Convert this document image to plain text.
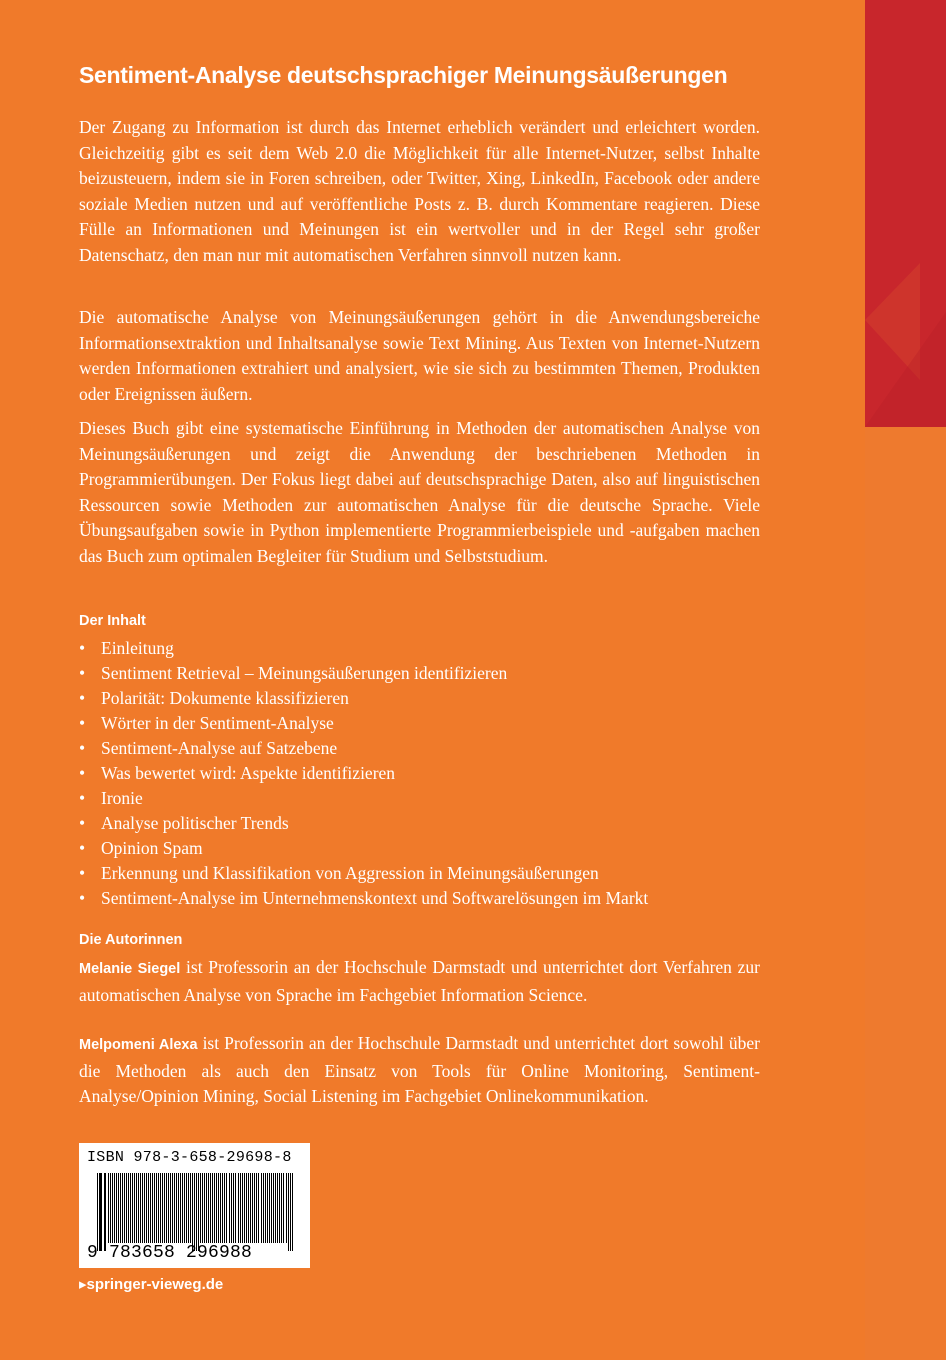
Sentiment-Analyse deutschsprachiger Meinungsäußerungen

Der Zugang zu Information ist durch das Internet erheblich verändert und erleichtert worden. Gleichzeitig gibt es seit dem Web 2.0 die Möglichkeit für alle Internet-Nutzer, selbst Inhalte beizusteuern, indem sie in Foren schreiben, oder Twitter, Xing, LinkedIn, Facebook oder andere soziale Medien nutzen und auf veröffentliche Posts z. B. durch Kommentare reagieren. Diese Fülle an Informationen und Meinungen ist ein wertvoller und in der Regel sehr großer Datenschatz, den man nur mit automatischen Verfahren sinnvoll nutzen kann.

Die automatische Analyse von Meinungsäußerungen gehört in die Anwendungsbereiche Informationsextraktion und Inhaltsanalyse sowie Text Mining. Aus Texten von Internet-Nutzern werden Informationen extrahiert und analysiert, wie sie sich zu bestimmten Themen, Produkten oder Ereignissen äußern.

Dieses Buch gibt eine systematische Einführung in Methoden der automatischen Analyse von Meinungsäußerungen und zeigt die Anwendung der beschriebenen Methoden in Programmierübungen. Der Fokus liegt dabei auf deutschsprachige Daten, also auf linguistischen Ressourcen sowie Methoden zur automatischen Analyse für die deutsche Sprache. Viele Übungsaufgaben sowie in Python implementierte Programmierbeispiele und -aufgaben machen das Buch zum optimalen Begleiter für Studium und Selbststudium.

Der Inhalt
• Einleitung
• Sentiment Retrieval – Meinungsäußerungen identifizieren
• Polarität: Dokumente klassifizieren
• Wörter in der Sentiment-Analyse
• Sentiment-Analyse auf Satzebene
• Was bewertet wird: Aspekte identifizieren
• Ironie
• Analyse politischer Trends
• Opinion Spam
• Erkennung und Klassifikation von Aggression in Meinungsäußerungen
• Sentiment-Analyse im Unternehmenskontext und Softwarelösungen im Markt
Die Autorinnen

Melanie Siegel ist Professorin an der Hochschule Darmstadt und unterrichtet dort Verfahren zur automatischen Analyse von Sprache im Fachgebiet Information Science.

Melpomeni Alexa ist Professorin an der Hochschule Darmstadt und unterrichtet dort sowohl über die Methoden als auch den Einsatz von Tools für Online Monitoring, Sentiment-Analyse/Opinion Mining, Social Listening im Fachgebiet Onlinekommunikation.

ISBN 978-3-658-29698-8
9 783658 296988
▸springer-vieweg.de
